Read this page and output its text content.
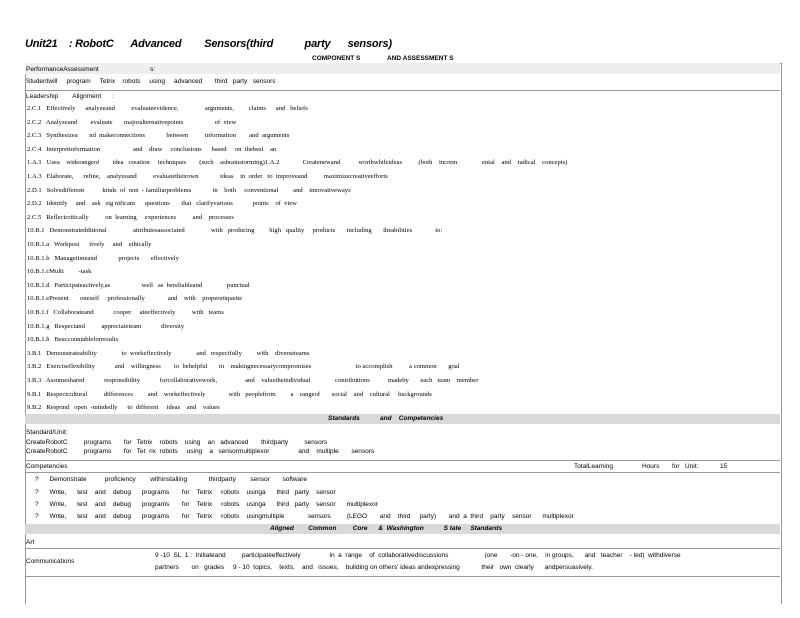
Unit21    : RobotC      Advanced        Sensors(third           party      sensors)
COMPONENT S	AND ASSESSMENT S
PerformanceAssessment	s:
Studentwill     program     Tetrix    robots     using     advanced       third   party   sensors
Leadership        Alignment      :
2.C.1   Effectively      analyzeand          evaluateevidence,                arguments,         claims      and   beliefs
2.C.2   Analyzeand        evaluate       majoralternativepoints                   of  view
2.C.3   Synthesizea       nd  makeconnections             between          information        and  arguments
2.C.4   Interpretinformation                    and    draw     conclusions      based     on  thebest    an
1.A.1   Usea    widerangeof        idea   creation     techniques        (such    asbrainstorming)1.A.2              Createnewand           worthwhileideas          (both    increm               ental    and    radical    concepts)
1.A.3   Elaborate,      refine,    analyzeand          evaluatetheirown             ideas    in  order   to  improveand          maximizecreativeefforts
2.D.1   Solvedifferent           kinds  of  non  - familiarproblems             in    both     conventional         and    innovativeways
2.D.2   Identify     and    ask   sig nificant      questions       that   clarifyvarious            points    of  view
2.C.5   Reflectcritically          on  learning     experiences          and    processes
10.B.1   Demonstratedditional                attributesassociated                with   producing         high   quality     products       including       theabilities              to:
10.B.1.a   Workposi      tively     and    ethically
10.B.1.b   Managetimeand             projects       effectively
10.B.1.cMulti         -task
10.B.1.d   Participateactively,as                   well   as  bereliableand               punctual
10.B.1.ePresent       oneself     professionally              and    with    properetiquette
10.B.1.f   Collaborateand            cooper     ateeffectively          with   teams
10.B.1.g   Respectand          appreciateteam            diversity
10.B.1.h   Beaccountableforresults
3.B.1   Demonstrateability               to  workeffectively               and   respectfully         with    diverseteams
3.B.2   Exerciseflexibility            and    willingness        to  behelpful       in    makingnecessarycompromises                           to accomplish          a common       goal
3.B.3   Assumeshared            responsibility            forcollaborativework,                 and    valuetheindividual               contributions           madeby       each   team    member
9.B.1   Respectcultural          differences         and    workeffectively              with   peoplefrom         a    rangeof       social    and    cultural     backgrounds
9.B.2   Respond   open  -mindedly      to  different     ideas    and    values
Standards	and    Competencies
Standard/Unit:
CreateRobotC         programs       for   Tetrix    robots    using    an   advanced       thirdparty         sensors
CreateRobotC         programs       for   Tet  rix  robots     using    a   sensormultiplexor                and    multiple       sensors
Competencies	TotalLearning	Hours       for   Unit:	15
?      Demonstrate          proficiency        withinstalling            thirdparty        sensor       software
?      Write,      test    and    debug      programs       for    Tetrix     robots    usinga      third   party    sensor
?      Write,      test    and    debug      programs       for    Tetrix     robots    usinga      third   party    sensor      multiplexor
?      Write,      test    and    debug      programs       for    Tetrix     robots    usingmultiple             sensors         (LEGO       and    third     party)       and  a  third    party    sensor      multiplexor
Aligned        Common         Core      &  Washington           S tate     Standards
Art
Communications
9 -10  SL  1 :  Initiateand         participateeffectively                in  a  range    of  collaborativediscussions                    (one       -on - one,    in groups,      and   teacher    - led)  withdiverse
partners       on   grades     9 - 10  topics,    texts,    and   issues,    building on others' ideas andexpressing            their   own  clearly      andpersuasively.
